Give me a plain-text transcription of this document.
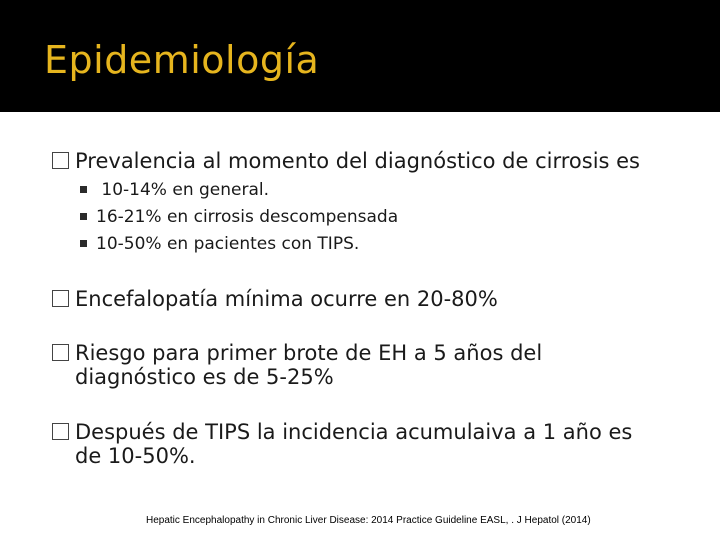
Epidemiología
Prevalencia al momento del diagnóstico de cirrosis es
10-14% en general.
16-21% en cirrosis descompensada
10-50% en pacientes con TIPS.
Encefalopatía mínima ocurre en 20-80%
Riesgo para primer brote de EH a 5 años del diagnóstico es de 5-25%
Después de TIPS la incidencia acumulaiva a 1 año es de 10-50%.
Hepatic Encephalopathy in Chronic Liver Disease: 2014 Practice Guideline EASL, . J Hepatol (2014)
